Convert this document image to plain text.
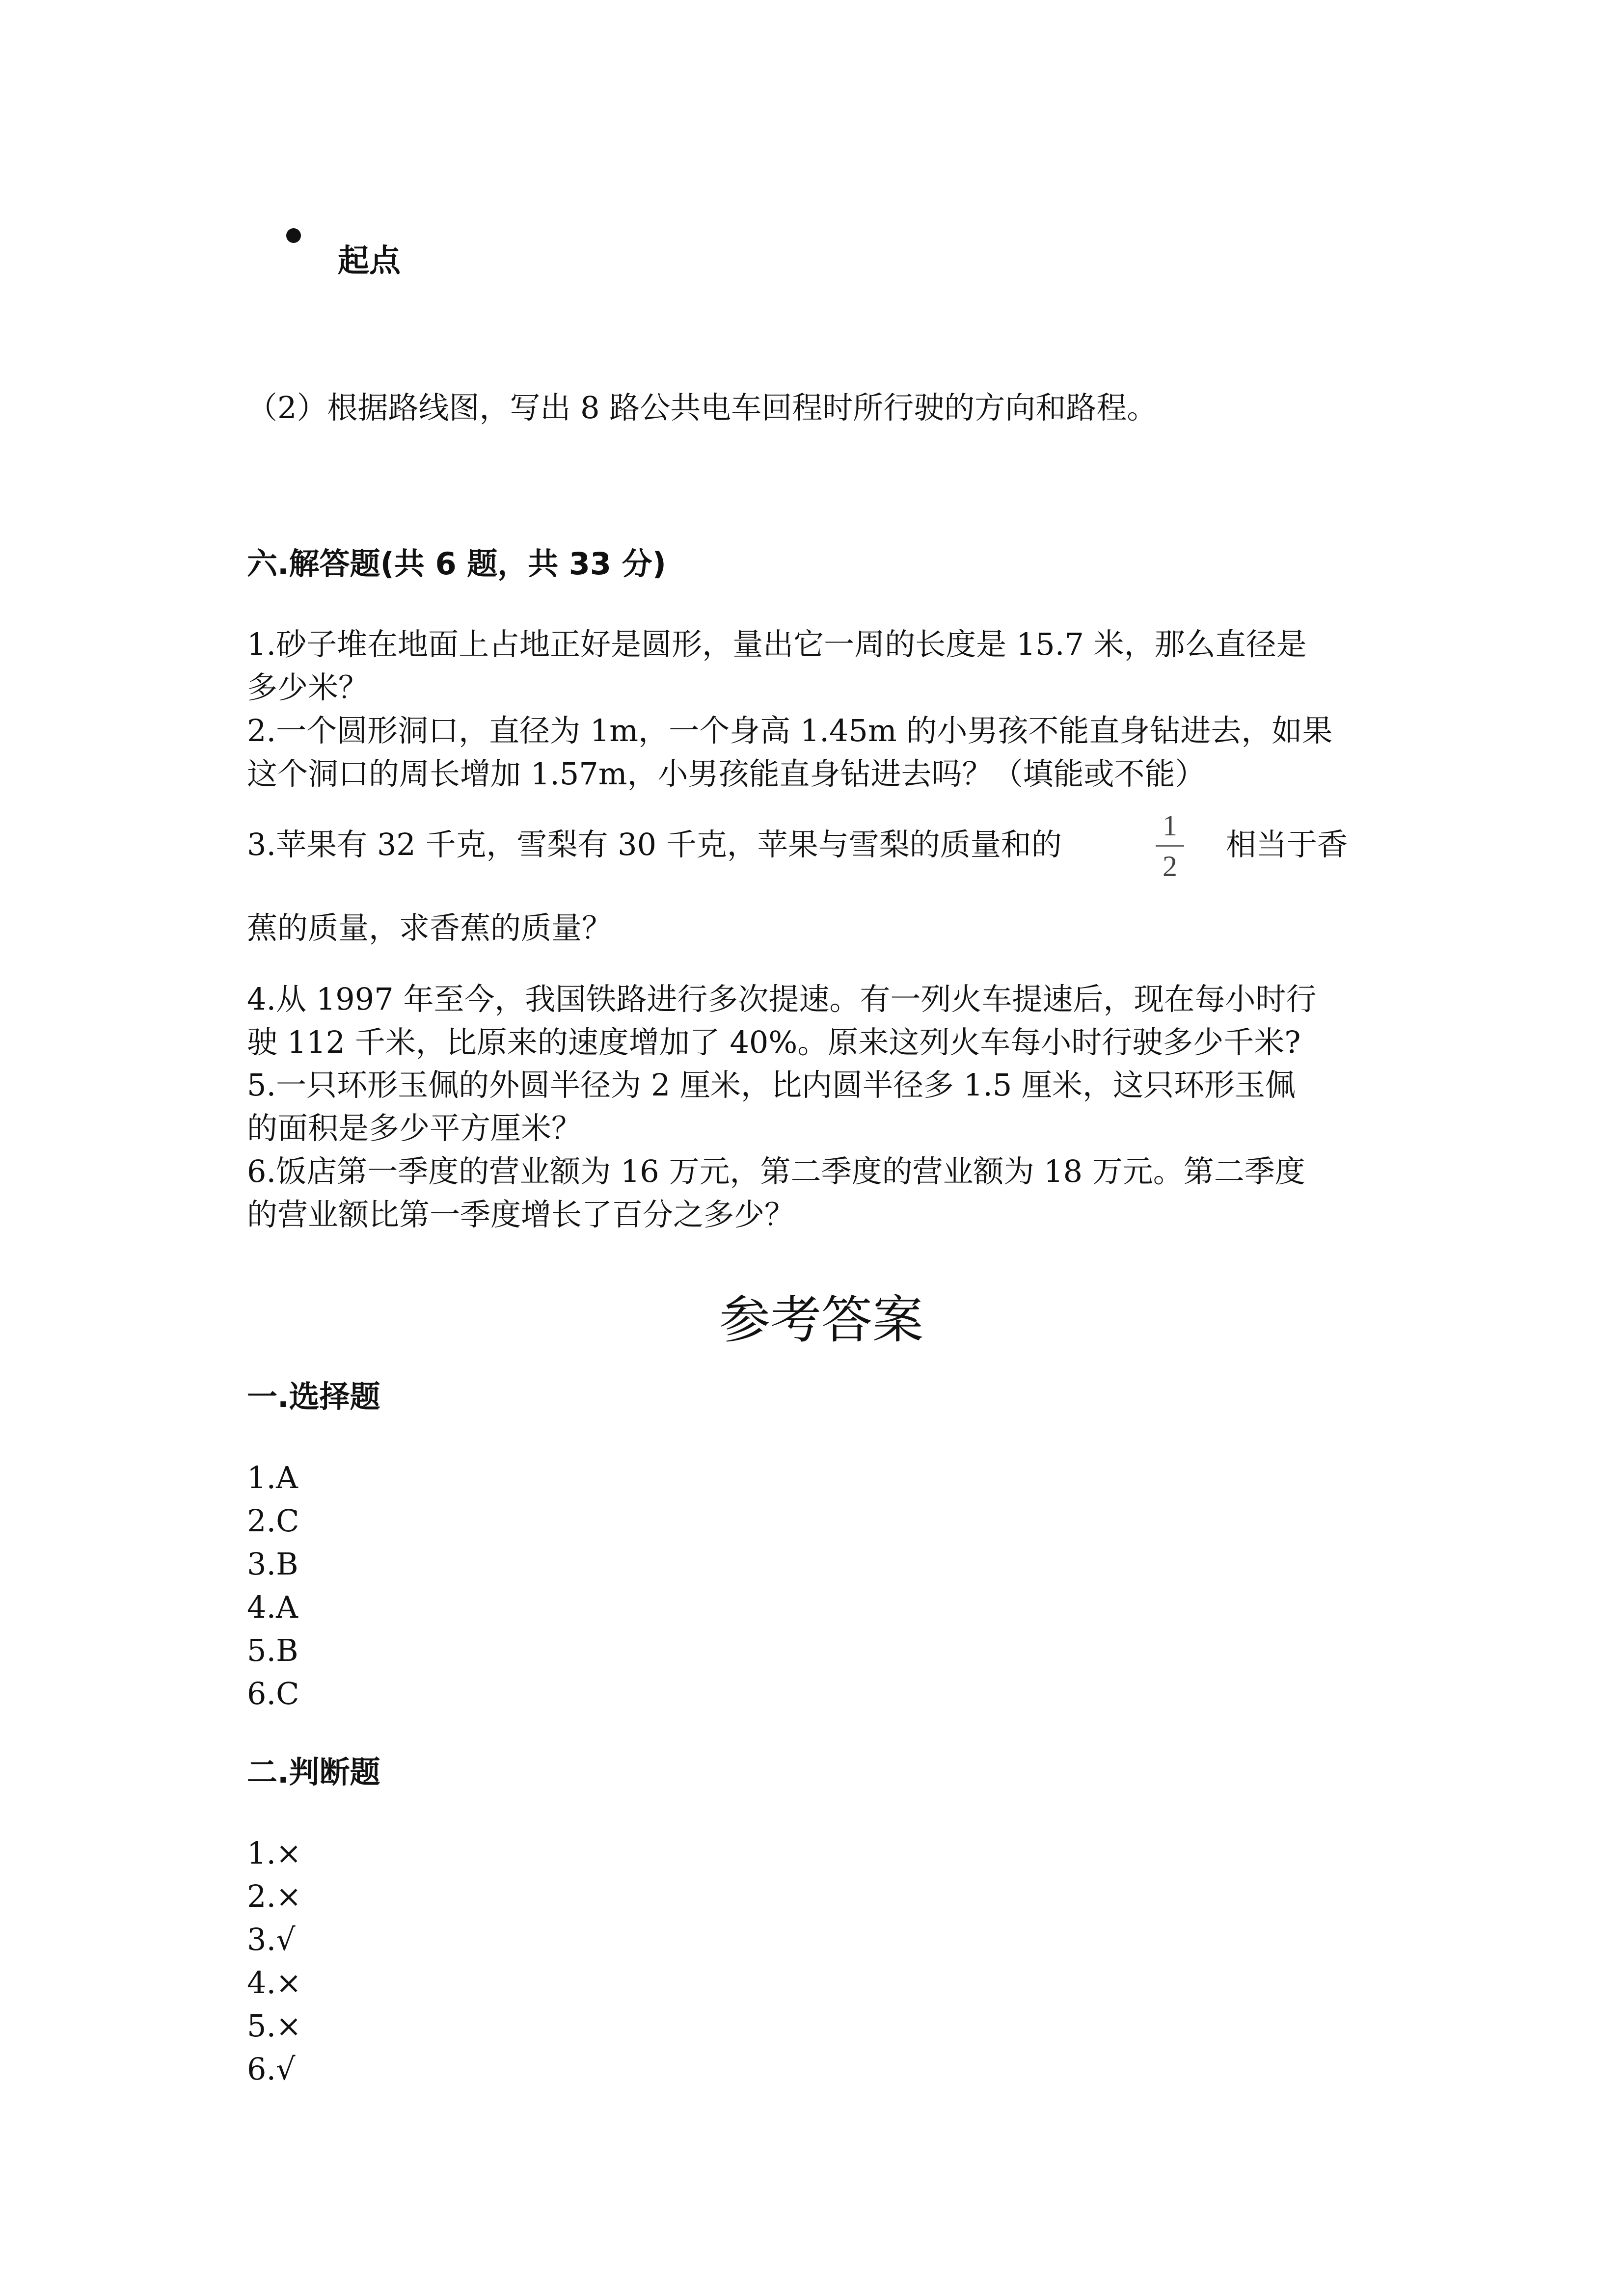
起点
（2）根据路线图，写出 8 路公共电车回程时所行驶的方向和路程。
六.解答题(共 6 题，共 33 分)
1.砂子堆在地面上占地正好是圆形，量出它一周的长度是 15.7 米，那么直径是
多少米？
2.一个圆形洞口，直径为 1m，一个身高 1.45m 的小男孩不能直身钻进去，如果
这个洞口的周长增加 1.57m，小男孩能直身钻进去吗？（填能或不能）
3.苹果有 32 千克，雪梨有 30 千克，苹果与雪梨的质量和的
1
2
相当于香
蕉的质量，求香蕉的质量？
4.从 1997 年至今，我国铁路进行多次提速。有一列火车提速后，现在每小时行
驶 112 千米，比原来的速度增加了 40%。原来这列火车每小时行驶多少千米?
5.一只环形玉佩的外圆半径为 2 厘米，比内圆半径多 1.5 厘米，这只环形玉佩
的面积是多少平方厘米？
6.饭店第一季度的营业额为 16 万元，第二季度的营业额为 18 万元。第二季度
的营业额比第一季度增长了百分之多少？
参考答案
一.选择题
1.A
2.C
3.B
4.A
5.B
6.C
二.判断题
1.×
2.×
3.√
4.×
5.×
6.√
